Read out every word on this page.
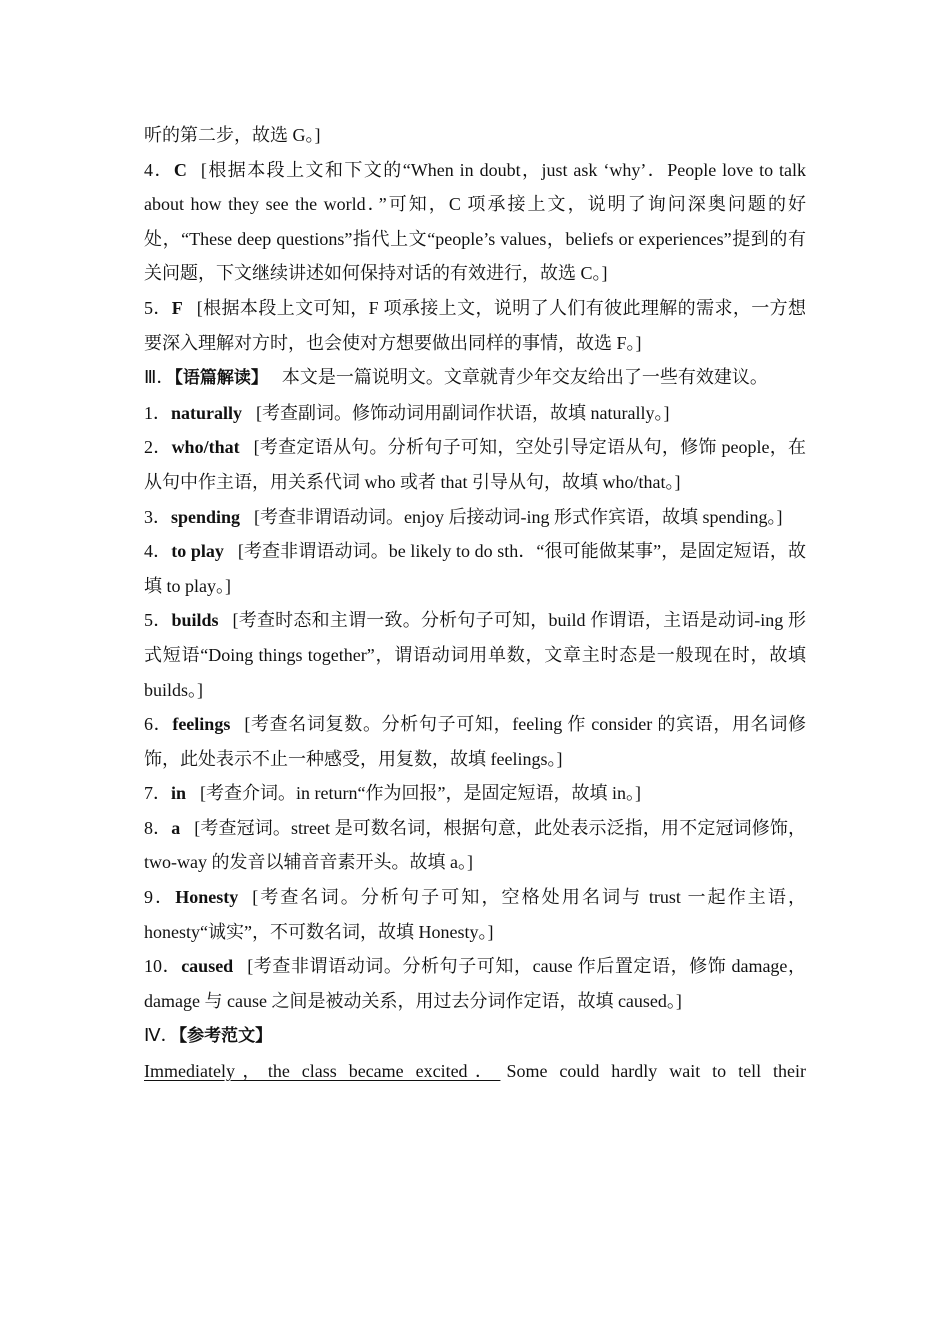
听的第二步，故选 G。]

4．C [根据本段上文和下文的“When in doubt，just ask ‘why’．People love to talk about how they see the world．”可知，C 项承接上文，说明了询问深奥问题的好处，“These deep questions”指代上文“people’s values，beliefs or experiences”提到的有关问题，下文继续讲述如何保持对话的有效进行，故选 C。]

5．F [根据本段上文可知，F 项承接上文，说明了人们有彼此理解的需求，一方想要深入理解对方时，也会使对方想要做出同样的事情，故选 F。]

Ⅲ．【语篇解读】 本文是一篇说明文。文章就青少年交友给出了一些有效建议。

1．naturally [考查副词。修饰动词用副词作状语，故填 naturally。]

2．who/that [考查定语从句。分析句子可知，空处引导定语从句，修饰 people，在从句中作主语，用关系代词 who 或者 that 引导从句，故填 who/that。]

3．spending [考查非谓语动词。enjoy 后接动词-ing 形式作宾语，故填 spending。]

4．to play [考查非谓语动词。be likely to do sth．“很可能做某事”，是固定短语，故填 to play。]

5．builds [考查时态和主谓一致。分析句子可知，build 作谓语，主语是动词-ing 形式短语“Doing things together”，谓语动词用单数，文章主时态是一般现在时，故填 builds。]

6．feelings [考查名词复数。分析句子可知，feeling 作 consider 的宾语，用名词修饰，此处表示不止一种感受，用复数，故填 feelings。]

7．in [考查介词。in return“作为回报”，是固定短语，故填 in。]

8．a [考查冠词。street 是可数名词，根据句意，此处表示泛指，用不定冠词修饰，two-way 的发音以辅音音素开头。故填 a。]

9．Honesty [考查名词。分析句子可知，空格处用名词与 trust 一起作主语，honesty“诚实”，不可数名词，故填 Honesty。]

10．caused [考查非谓语动词。分析句子可知，cause 作后置定语，修饰 damage，damage 与 cause 之间是被动关系，用过去分词作定语，故填 caused。]

Ⅳ．【参考范文】

Immediately，the class became excited． Some could hardly wait to tell their
